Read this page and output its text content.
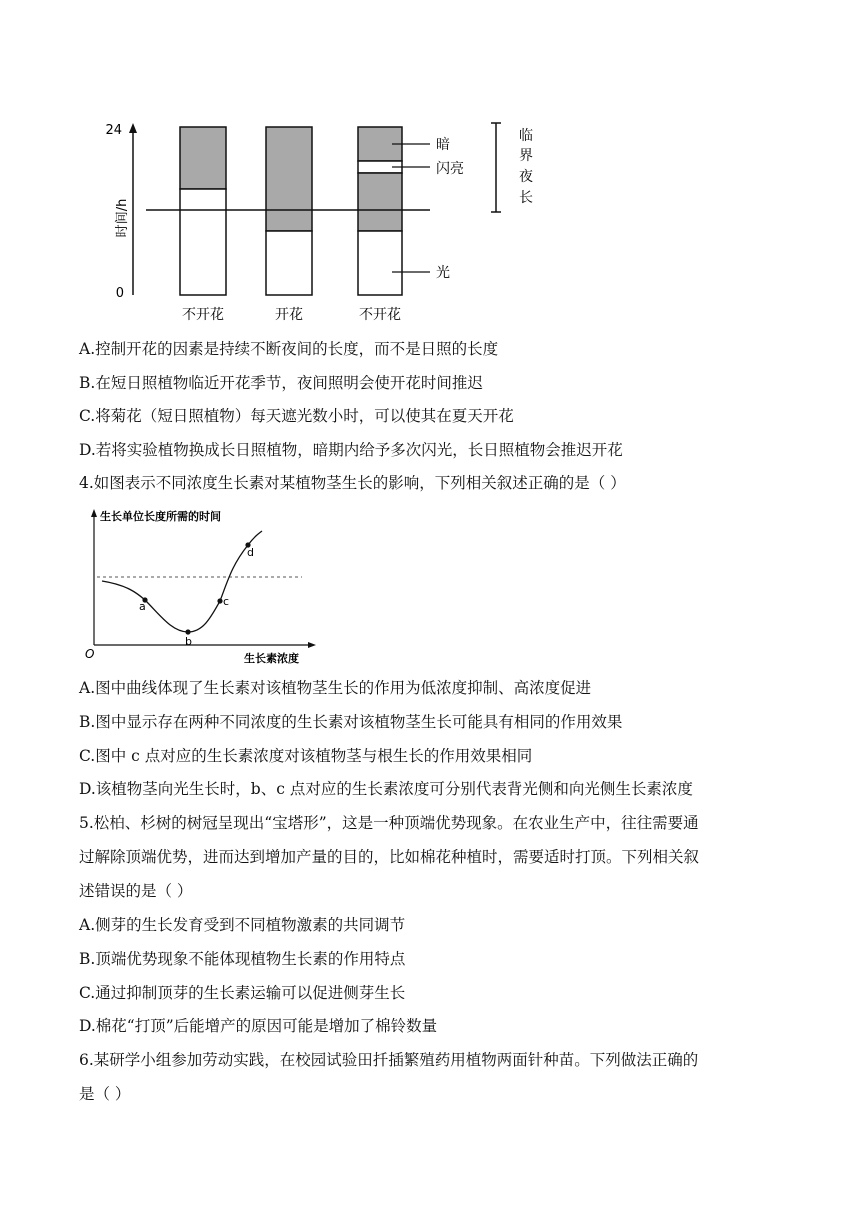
24
0
时间/h
暗
闪亮
光
临
界
夜
长
不开花	开花	不开花
A.控制开花的因素是持续不断夜间的长度，而不是日照的长度
B.在短日照植物临近开花季节，夜间照明会使开花时间推迟
C.将菊花（短日照植物）每天遮光数小时，可以使其在夏天开花
D.若将实验植物换成长日照植物，暗期内给予多次闪光，长日照植物会推迟开花
4.如图表示不同浓度生长素对某植物茎生长的影响，下列相关叙述正确的是（ ）
生长单位长度所需的时间
生长素浓度
O
a
b
c
d
A.图中曲线体现了生长素对该植物茎生长的作用为低浓度抑制、高浓度促进
B.图中显示存在两种不同浓度的生长素对该植物茎生长可能具有相同的作用效果
C.图中 c 点对应的生长素浓度对该植物茎与根生长的作用效果相同
D.该植物茎向光生长时，b、c 点对应的生长素浓度可分别代表背光侧和向光侧生长素浓度
5.松柏、杉树的树冠呈现出“宝塔形”，这是一种顶端优势现象。在农业生产中，往往需要通
过解除顶端优势，进而达到增加产量的目的，比如棉花种植时，需要适时打顶。下列相关叙
述错误的是（ ）
A.侧芽的生长发育受到不同植物激素的共同调节
B.顶端优势现象不能体现植物生长素的作用特点
C.通过抑制顶芽的生长素运输可以促进侧芽生长
D.棉花“打顶”后能增产的原因可能是增加了棉铃数量
6.某研学小组参加劳动实践，在校园试验田扦插繁殖药用植物两面针种苗。下列做法正确的
是（ ）
